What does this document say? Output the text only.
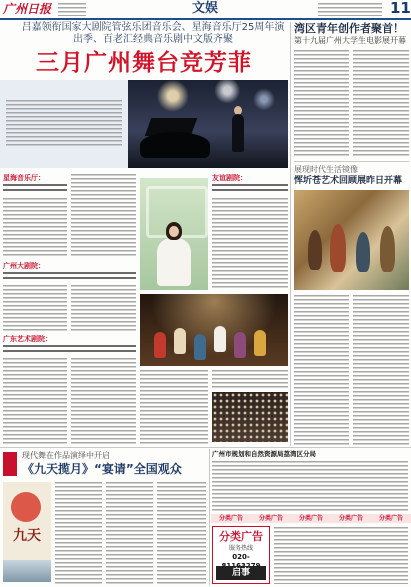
广州日报	文娱	11
吕嘉领衔国家大剧院管弦乐团音乐会、星海音乐厅25周年演出季、百老汇经典音乐剧中文版齐聚
三月广州舞台竞芳菲
星海音乐厅：
广州大剧院：
广东艺术剧院：
友谊剧院：
湾区青年创作者聚首！
第十九届广州大学生电影展开幕
展现时代生活镜像
恽圻苍艺术回顾展昨日开幕
现代舞在作品演绎中开启
《九天揽月》“宴请”全国观众
九天
广州市规划和自然资源局荔湾区分局
分类广告	分类广告	分类广告	分类广告	分类广告
分类广告
服务热线
020-
启事
